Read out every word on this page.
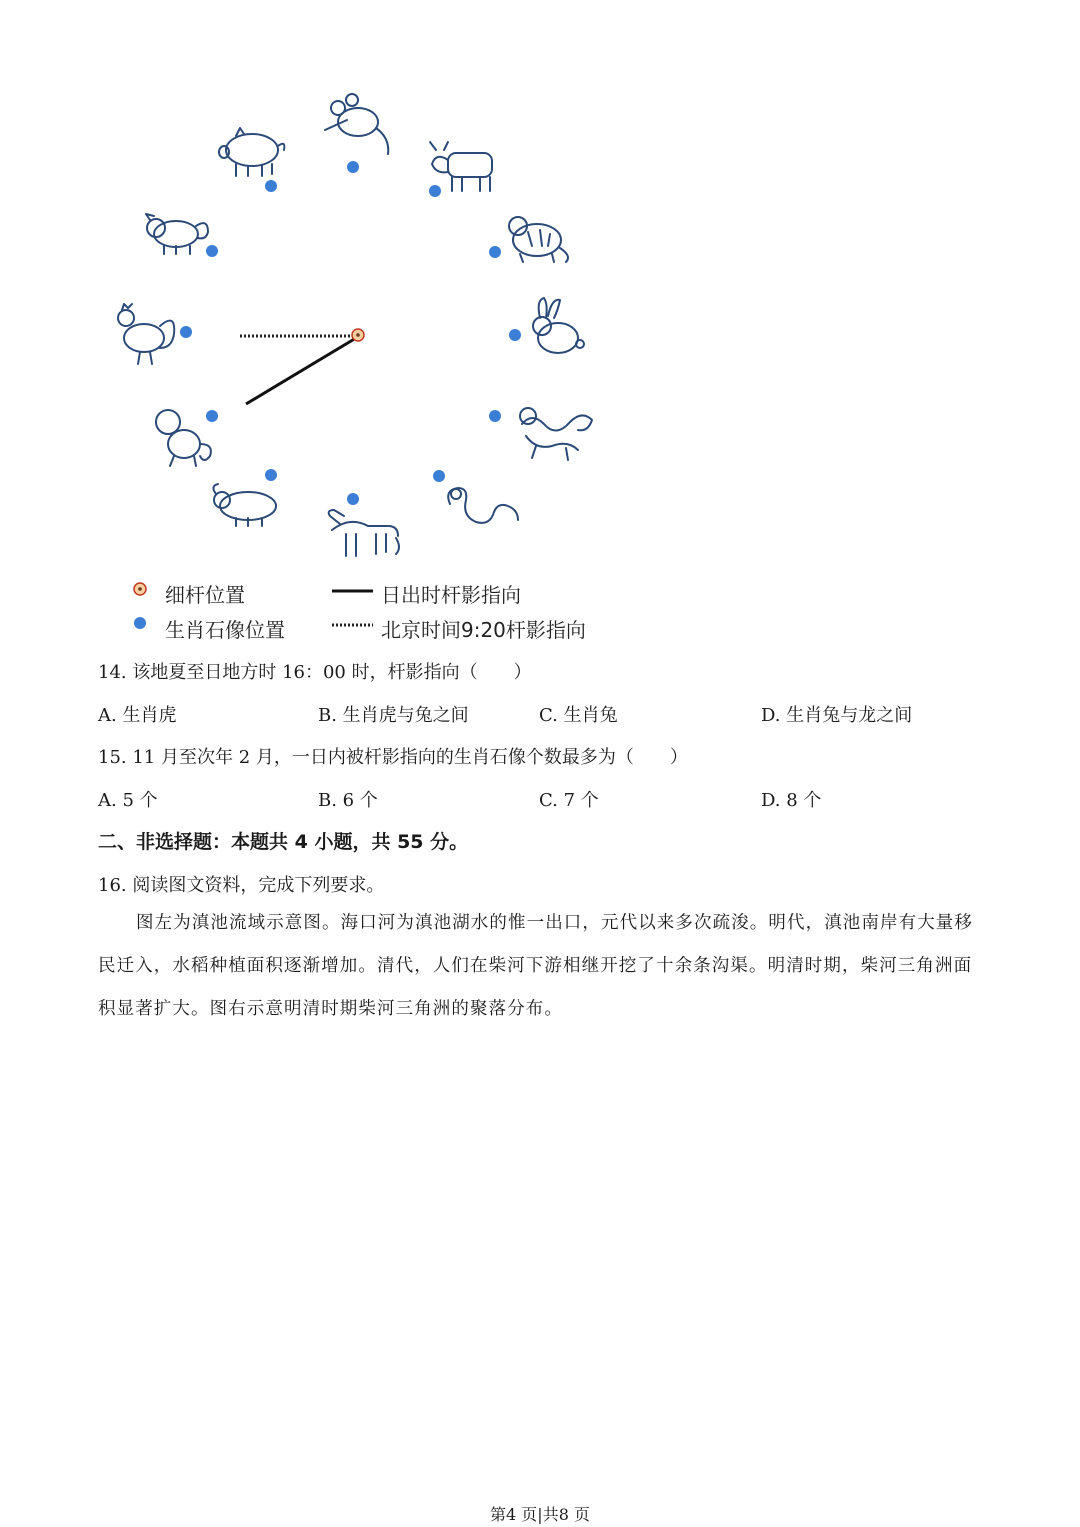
细杆位置	日出时杆影指向
生肖石像位置	北京时间9:20杆影指向
14. 该地夏至日地方时 16：00 时，杆影指向（　　）
A. 生肖虎	B. 生肖虎与兔之间	C. 生肖兔	D. 生肖兔与龙之间
15. 11 月至次年 2 月，一日内被杆影指向的生肖石像个数最多为（　　）
A. 5 个	B. 6 个	C. 7 个	D. 8 个
二、非选择题：本题共 4 小题，共 55 分。
16. 阅读图文资料，完成下列要求。
图左为滇池流域示意图。海口河为滇池湖水的惟一出口，元代以来多次疏浚。明代，滇池南岸有大量移民迁入，水稻种植面积逐渐增加。清代，人们在柴河下游相继开挖了十余条沟渠。明清时期，柴河三角洲面积显著扩大。图右示意明清时期柴河三角洲的聚落分布。
第4 页|共8 页
